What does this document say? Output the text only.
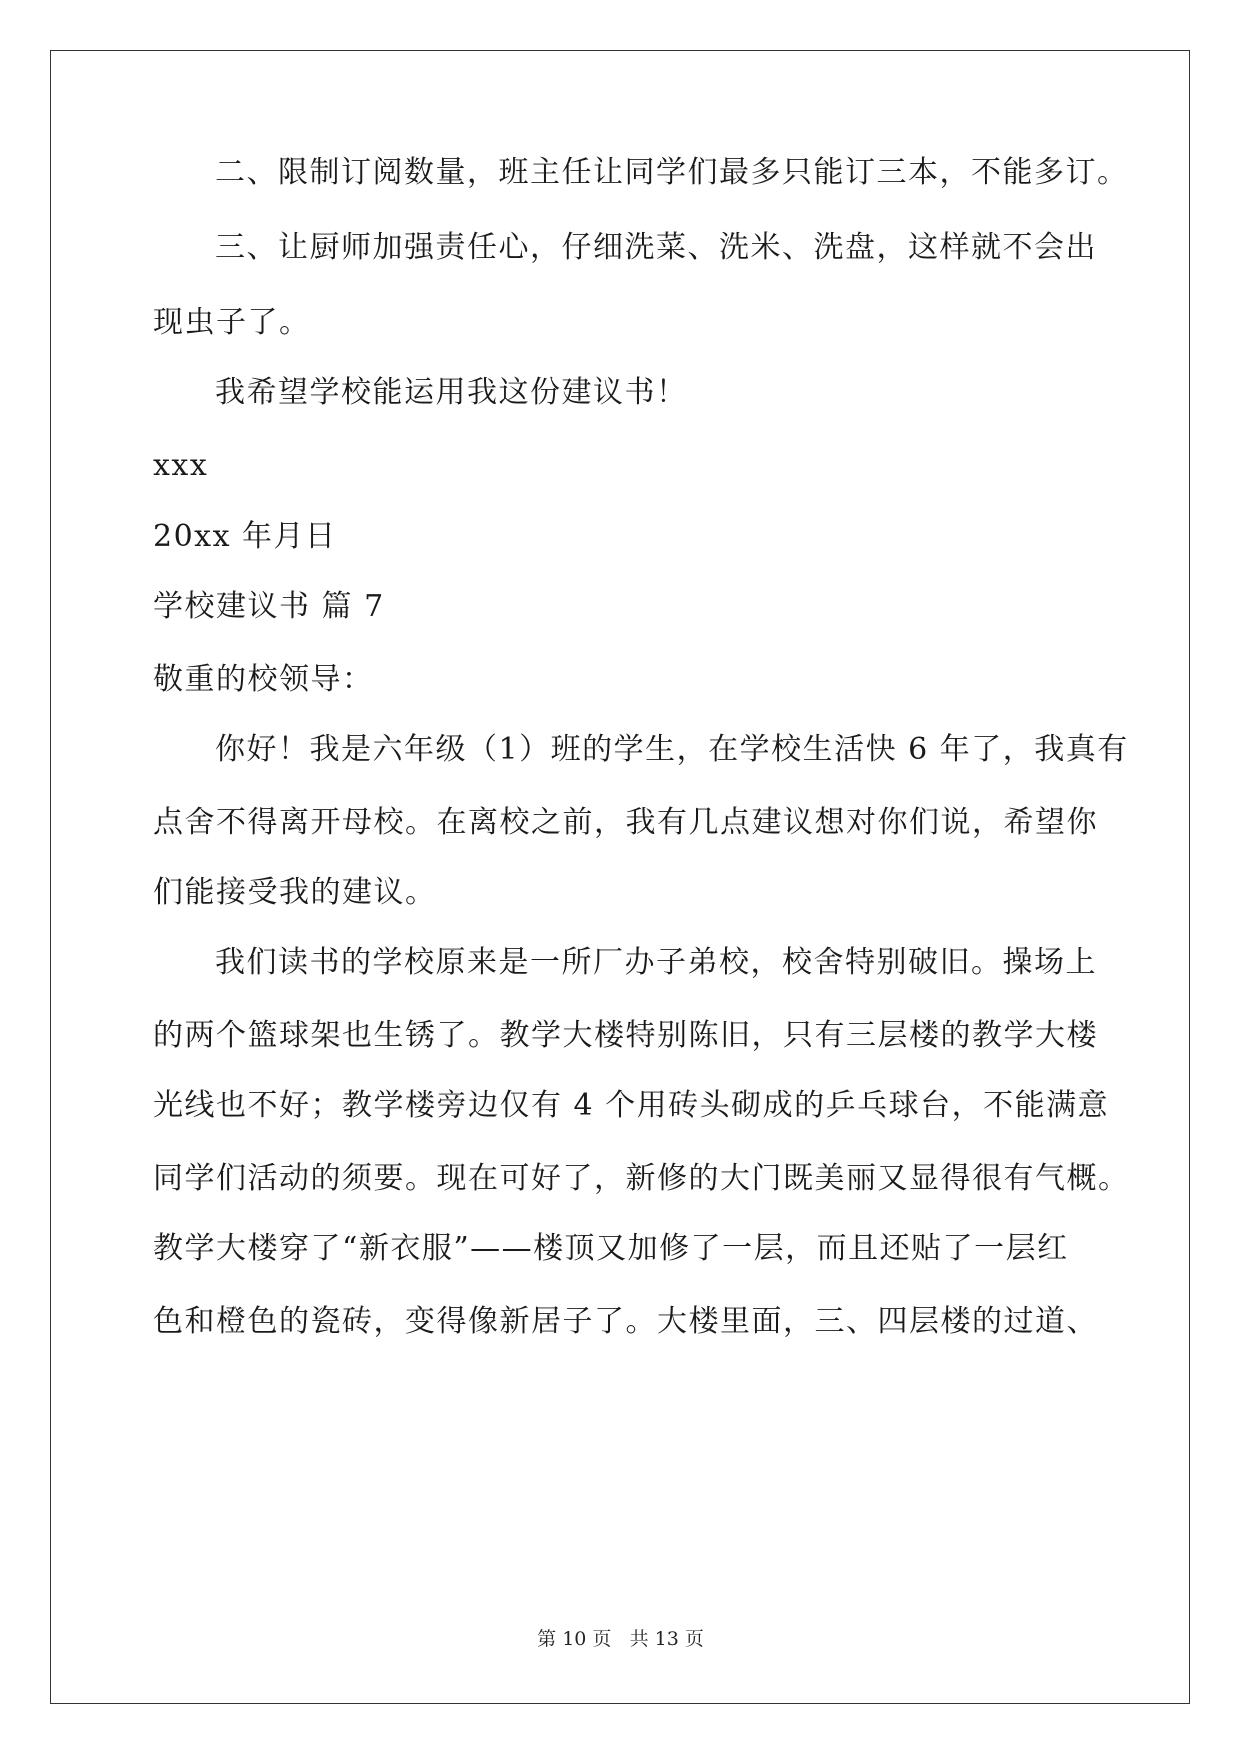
二、限制订阅数量，班主任让同学们最多只能订三本，不能多订。
三、让厨师加强责任心，仔细洗菜、洗米、洗盘，这样就不会出
现虫子了。
我希望学校能运用我这份建议书！
xxx
20xx 年月日
学校建议书 篇 7
敬重的校领导：
你好！我是六年级（1）班的学生，在学校生活快 6 年了，我真有
点舍不得离开母校。在离校之前，我有几点建议想对你们说，希望你
们能接受我的建议。
我们读书的学校原来是一所厂办子弟校，校舍特别破旧。操场上
的两个篮球架也生锈了。教学大楼特别陈旧，只有三层楼的教学大楼
光线也不好；教学楼旁边仅有 4 个用砖头砌成的乒乓球台，不能满意
同学们活动的须要。现在可好了，新修的大门既美丽又显得很有气概。
教学大楼穿了“新衣服”——楼顶又加修了一层，而且还贴了一层红
色和橙色的瓷砖，变得像新居子了。大楼里面，三、四层楼的过道、
第 10 页 共 13 页
